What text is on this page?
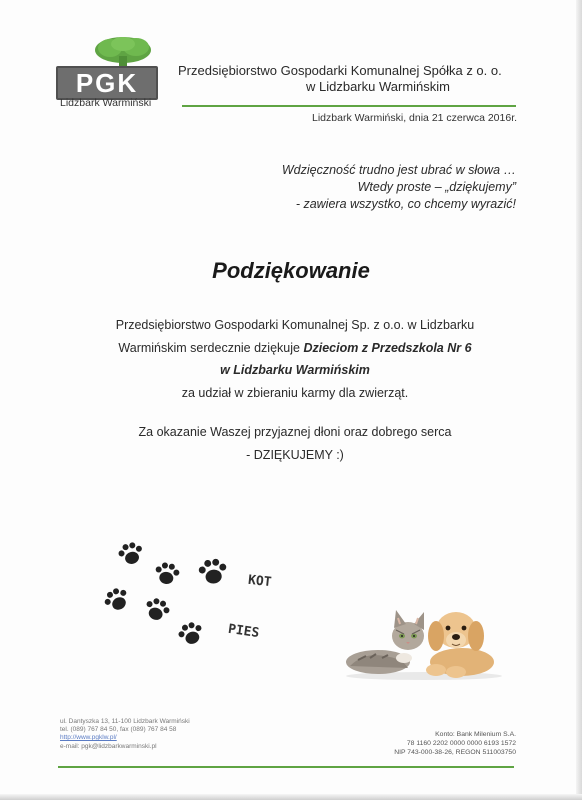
PGK
Lidzbark Warmiński
Przedsiębiorstwo Gospodarki Komunalnej Spółka z o. o.
w Lidzbarku Warmińskim
Lidzbark Warmiński, dnia 21 czerwca 2016r.
Wdzięczność trudno jest ubrać w słowa …
Wtedy proste – „dziękujemy”
- zawiera wszystko, co chcemy wyrazić!
Podziękowanie
Przedsiębiorstwo Gospodarki Komunalnej Sp. z o.o. w Lidzbarku
Warmińskim serdecznie dziękuje Dzieciom z Przedszkola Nr 6
w Lidzbarku Warmińskim
za udział w zbieraniu karmy dla zwierząt.
Za okazanie Waszej przyjaznej dłoni oraz dobrego serca
- DZIĘKUJEMY :)
KOT
PIES
ul. Dantyszka 13, 11-100 Lidzbark Warmiński
tel. (089) 767 84 50, fax (089) 767 84 58
http://www.pgklw.pl/
e-mail: pgk@lidzbarkwarminski.pl
Konto: Bank Milenium S.A.
78 1160 2202 0000 0000 6193 1572
NIP 743-000-38-26, REGON 511003750
